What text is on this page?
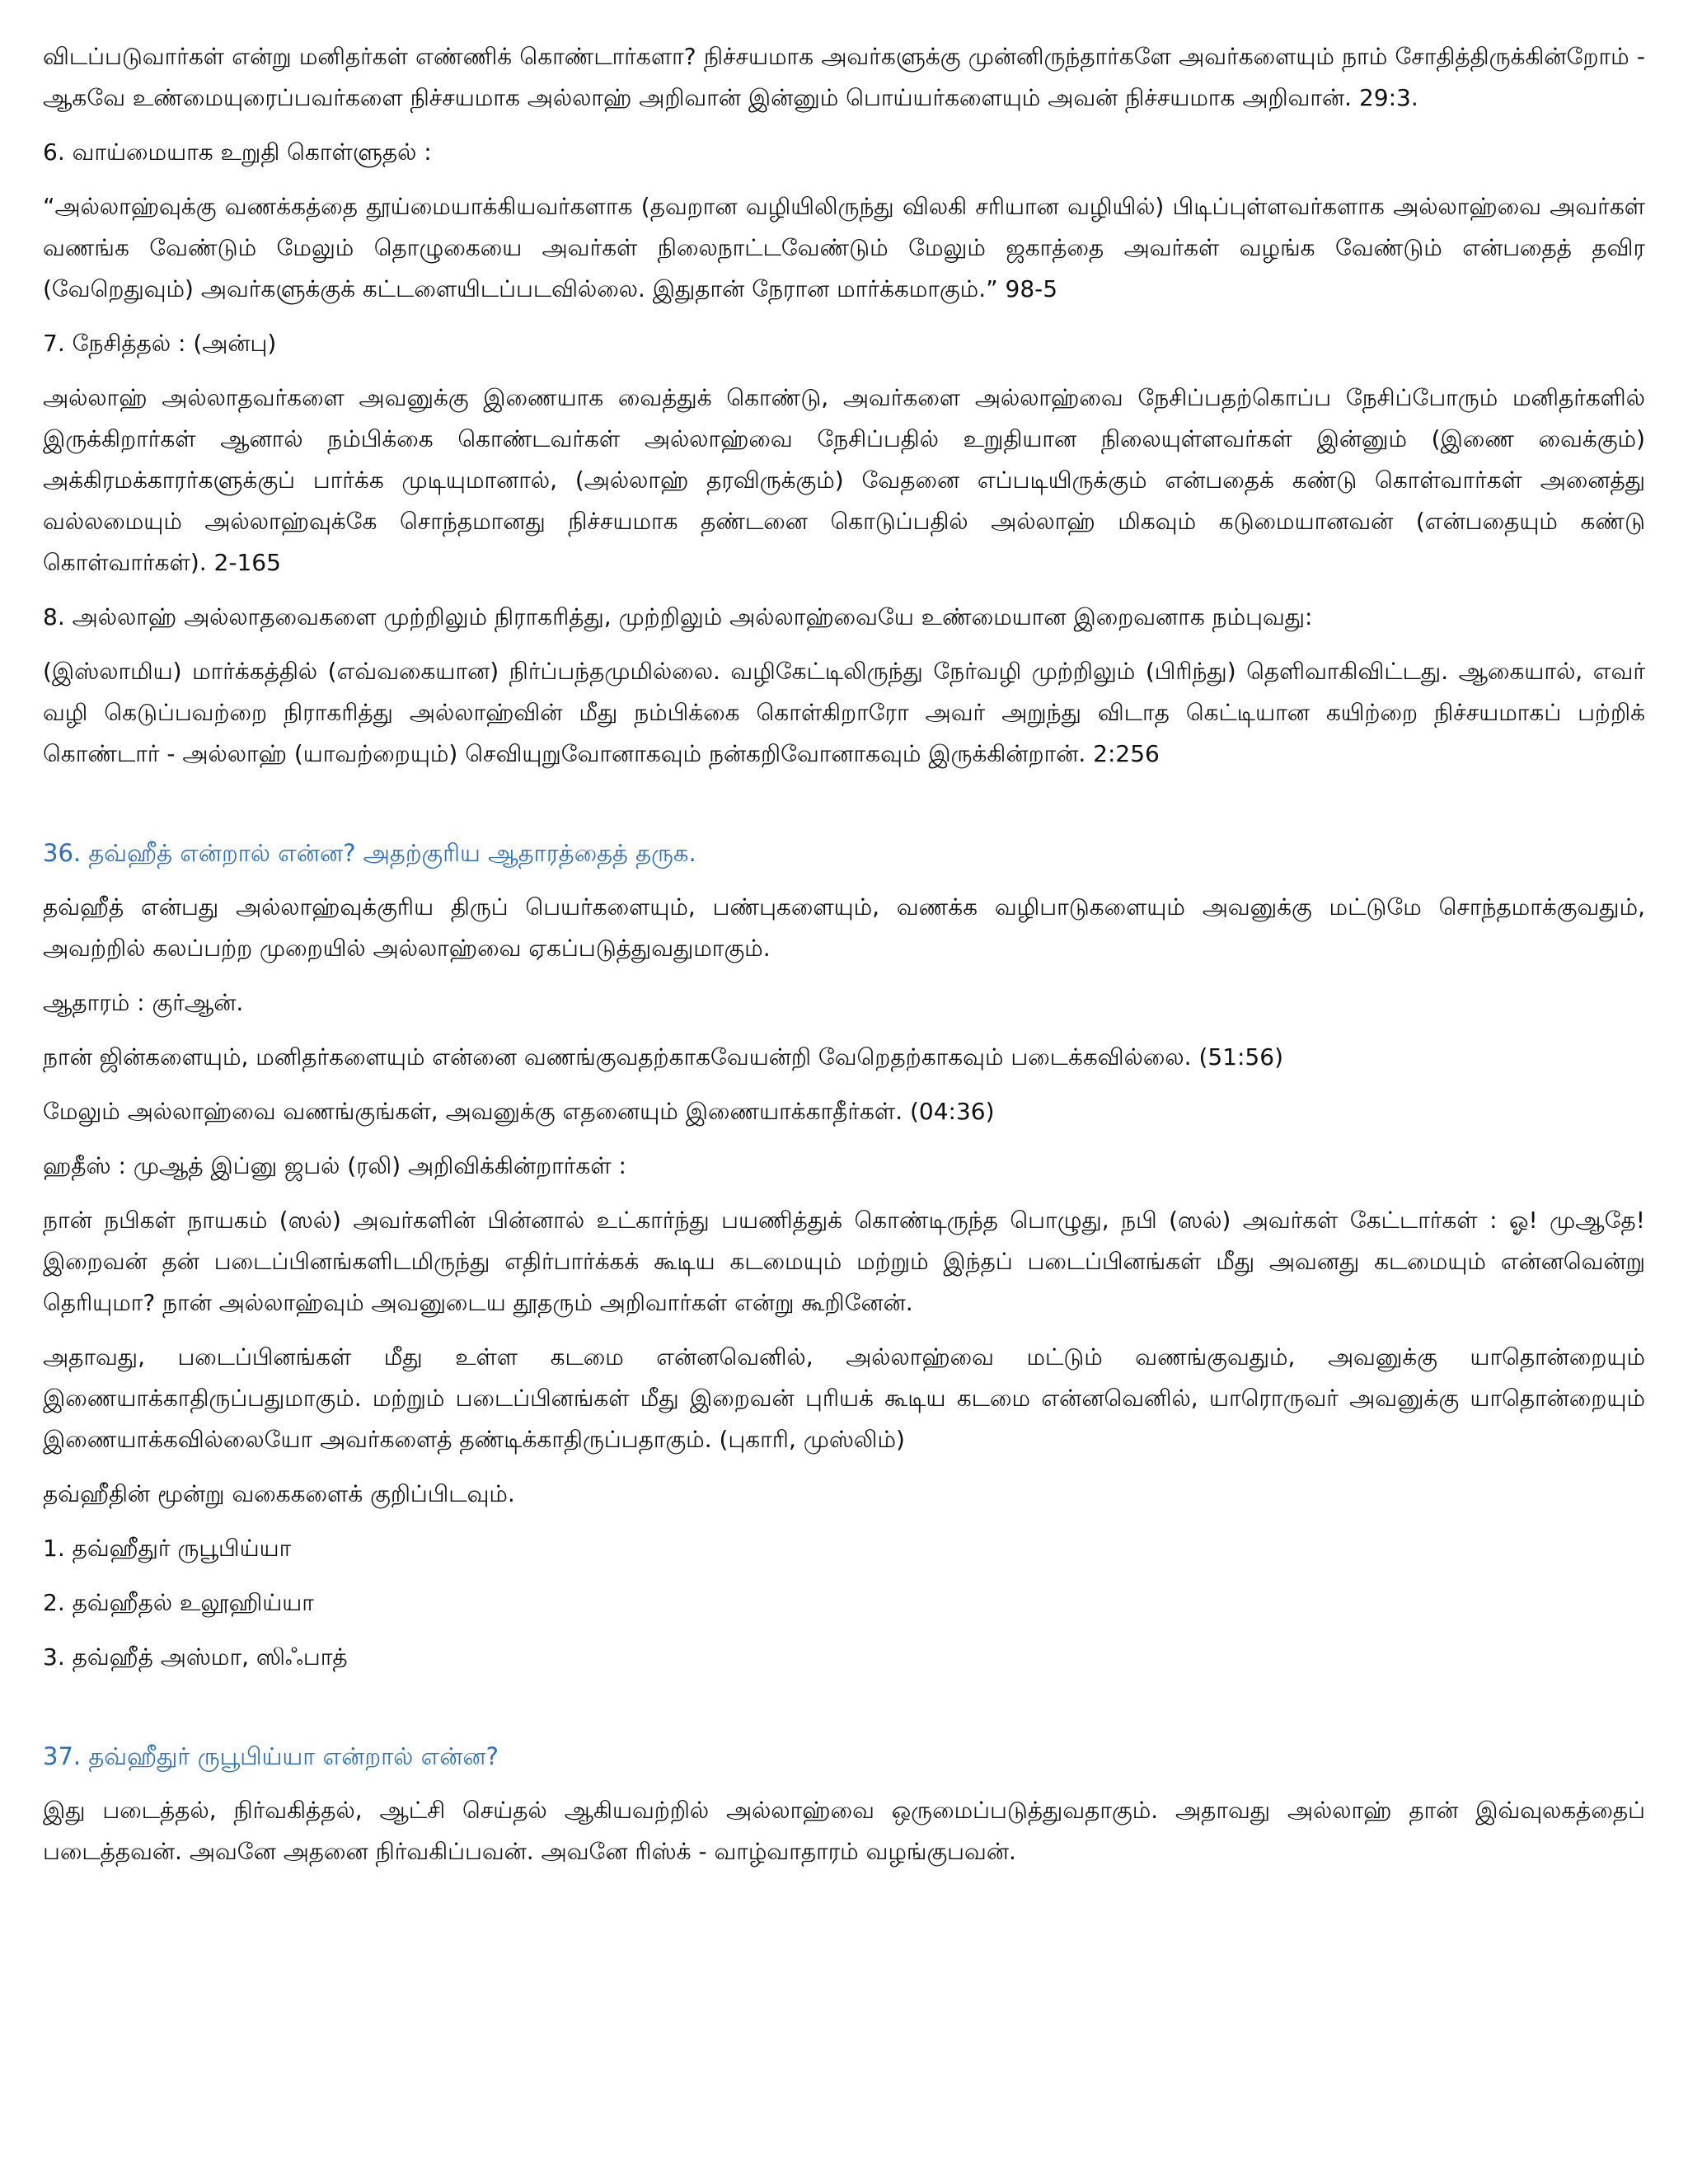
விடப்படுவார்கள் என்று மனிதர்கள் எண்ணிக் கொண்டார்களா? நிச்சயமாக அவர்களுக்கு முன்னிருந்தார்களே அவர்களையும் நாம் சோதித்திருக்கின்றோம் - ஆகவே உண்மையுரைப்பவர்களை நிச்சயமாக அல்லாஹ் அறிவான் இன்னும் பொய்யர்களையும் அவன் நிச்சயமாக அறிவான். 29:3.

6. வாய்மையாக உறுதி கொள்ளுதல் :

“அல்லாஹ்வுக்கு வணக்கத்தை தூய்மையாக்கியவர்களாக (தவறான வழியிலிருந்து விலகி சரியான வழியில்) பிடிப்புள்ளவர்களாக அல்லாஹ்வை அவர்கள் வணங்க வேண்டும் மேலும் தொழுகையை அவர்கள் நிலைநாட்டவேண்டும் மேலும் ஜகாத்தை அவர்கள் வழங்க வேண்டும் என்பதைத் தவிர (வேறெதுவும்) அவர்களுக்குக் கட்டளையிடப்படவில்லை. இதுதான் நேரான மார்க்கமாகும்.” 98-5

7. நேசித்தல் : (அன்பு)

அல்லாஹ் அல்லாதவர்களை அவனுக்கு இணையாக வைத்துக் கொண்டு, அவர்களை அல்லாஹ்வை நேசிப்பதற்கொப்ப நேசிப்போரும் மனிதர்களில் இருக்கிறார்கள் ஆனால் நம்பிக்கை கொண்டவர்கள் அல்லாஹ்வை நேசிப்பதில் உறுதியான நிலையுள்ளவர்கள் இன்னும் (இணை வைக்கும்) அக்கிரமக்காரர்களுக்குப் பார்க்க முடியுமானால், (அல்லாஹ் தரவிருக்கும்) வேதனை எப்படியிருக்கும் என்பதைக் கண்டு கொள்வார்கள் அனைத்து வல்லமையும் அல்லாஹ்வுக்கே சொந்தமானது நிச்சயமாக தண்டனை கொடுப்பதில் அல்லாஹ் மிகவும் கடுமையானவன் (என்பதையும் கண்டு கொள்வார்கள்). 2-165

8. அல்லாஹ் அல்லாதவைகளை முற்றிலும் நிராகரித்து, முற்றிலும் அல்லாஹ்வையே உண்மையான இறைவனாக நம்புவது:

(இஸ்லாமிய) மார்க்கத்தில் (எவ்வகையான) நிர்ப்பந்தமுமில்லை. வழிகேட்டிலிருந்து நேர்வழி முற்றிலும் (பிரிந்து) தெளிவாகிவிட்டது. ஆகையால், எவர் வழி கெடுப்பவற்றை நிராகரித்து அல்லாஹ்வின் மீது நம்பிக்கை கொள்கிறாரோ அவர் அறுந்து விடாத கெட்டியான கயிற்றை நிச்சயமாகப் பற்றிக் கொண்டார் - அல்லாஹ் (யாவற்றையும்) செவியுறுவோனாகவும் நன்கறிவோனாகவும் இருக்கின்றான். 2:256

36. தவ்ஹீத் என்றால் என்ன? அதற்குரிய ஆதாரத்தைத் தருக.

தவ்ஹீத் என்பது அல்லாஹ்வுக்குரிய திருப் பெயர்களையும், பண்புகளையும், வணக்க வழிபாடுகளையும் அவனுக்கு மட்டுமே சொந்தமாக்குவதும், அவற்றில் கலப்பற்ற முறையில் அல்லாஹ்வை ஏகப்படுத்துவதுமாகும்.

ஆதாரம் : குர்ஆன்.

நான் ஜின்களையும், மனிதர்களையும் என்னை வணங்குவதற்காகவேயன்றி வேறெதற்காகவும் படைக்கவில்லை. (51:56)

மேலும் அல்லாஹ்வை வணங்குங்கள், அவனுக்கு எதனையும் இணையாக்காதீர்கள். (04:36)

ஹதீஸ் : முஆத் இப்னு ஜபல் (ரலி) அறிவிக்கின்றார்கள் :

நான் நபிகள் நாயகம் (ஸல்) அவர்களின் பின்னால் உட்கார்ந்து பயணித்துக் கொண்டிருந்த பொழுது, நபி (ஸல்) அவர்கள் கேட்டார்கள் : ஓ! முஆதே! இறைவன் தன் படைப்பினங்களிடமிருந்து எதிர்பார்க்கக் கூடிய கடமையும் மற்றும் இந்தப் படைப்பினங்கள் மீது அவனது கடமையும் என்னவென்று தெரியுமா? நான் அல்லாஹ்வும் அவனுடைய தூதரும் அறிவார்கள் என்று கூறினேன்.

அதாவது, படைப்பினங்கள் மீது உள்ள கடமை என்னவெனில், அல்லாஹ்வை மட்டும் வணங்குவதும், அவனுக்கு யாதொன்றையும் இணையாக்காதிருப்பதுமாகும். மற்றும் படைப்பினங்கள் மீது இறைவன் புரியக் கூடிய கடமை என்னவெனில், யாரொருவர் அவனுக்கு யாதொன்றையும் இணையாக்கவில்லையோ அவர்களைத் தண்டிக்காதிருப்பதாகும். (புகாரி, முஸ்லிம்)

தவ்ஹீதின் மூன்று வகைகளைக் குறிப்பிடவும்.

1. தவ்ஹீதுர் ருபூபிய்யா

2. தவ்ஹீதல் உலூஹிய்யா

3. தவ்ஹீத் அஸ்மா, ஸிஃபாத்

37. தவ்ஹீதுர் ருபூபிய்யா என்றால் என்ன?

இது படைத்தல், நிர்வகித்தல், ஆட்சி செய்தல் ஆகியவற்றில் அல்லாஹ்வை ஒருமைப்படுத்துவதாகும். அதாவது அல்லாஹ் தான் இவ்வுலகத்தைப் படைத்தவன். அவனே அதனை நிர்வகிப்பவன். அவனே ரிஸ்க் - வாழ்வாதாரம் வழங்குபவன்.
